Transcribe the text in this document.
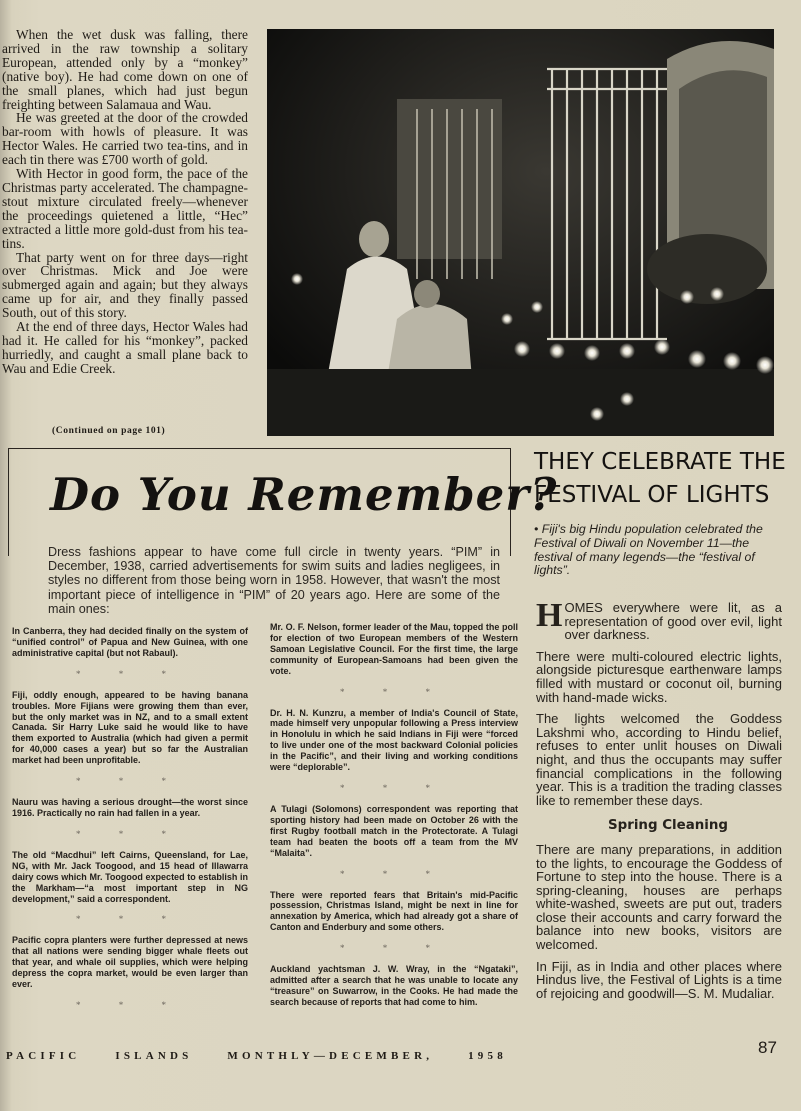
When the wet dusk was falling, there arrived in the raw township a solitary European, attended only by a “monkey” (native boy). He had come down on one of the small planes, which had just begun freighting between Salamaua and Wau.

He was greeted at the door of the crowded bar-room with howls of pleasure. It was Hector Wales. He carried two tea-tins, and in each tin there was £700 worth of gold.

With Hector in good form, the pace of the Christmas party accelerated. The champagne-stout mixture circulated freely—whenever the proceedings quietened a little, “Hec” extracted a little more gold-dust from his tea-tins.

That party went on for three days—right over Christmas. Mick and Joe were submerged again and again; but they always came up for air, and they finally passed South, out of this story.

At the end of three days, Hector Wales had had it. He called for his “monkey”, packed hurriedly, and caught a small plane back to Wau and Edie Creek.

(Continued on page 101)
Do You Remember?
Dress fashions appear to have come full circle in twenty years. “PIM” in December, 1938, carried advertisements for swim suits and ladies negligees, in styles no different from those being worn in 1958. However, that wasn't the most important piece of intelligence in “PIM” of 20 years ago. Here are some of the main ones:

In Canberra, they had decided finally on the system of “unified control” of Papua and New Guinea, with one administrative capital (but not Rabaul).

* * *

Fiji, oddly enough, appeared to be having banana troubles. More Fijians were growing them than ever, but the only market was in NZ, and to a small extent Canada. Sir Harry Luke said he would like to have them exported to Australia (which had given a permit for 40,000 cases a year) but so far the Australian market had been unprofitable.

* * *

Nauru was having a serious drought—the worst since 1916. Practically no rain had fallen in a year.

* * *

The old “Macdhui” left Cairns, Queensland, for Lae, NG, with Mr. Jack Toogood, and 15 head of Illawarra dairy cows which Mr. Toogood expected to establish in the Markham—“a most important step in NG development,” said a correspondent.

* * *

Pacific copra planters were further depressed at news that all nations were sending bigger whale fleets out that year, and whale oil supplies, which were helping depress the copra market, would be even larger than ever.

* * *

Mr. O. F. Nelson, former leader of the Mau, topped the poll for election of two European members of the Western Samoan Legislative Council. For the first time, the large community of European-Samoans had been given the vote.

* * *

Dr. H. N. Kunzru, a member of India's Council of State, made himself very unpopular following a Press interview in Honolulu in which he said Indians in Fiji were “forced to live under one of the most backward Colonial policies in the Pacific”, and their living and working conditions were “deplorable”.

* * *

A Tulagi (Solomons) correspondent was reporting that sporting history had been made on October 26 with the first Rugby football match in the Protectorate. A Tulagi team had beaten the boots off a team from the MV “Malaita”.

* * *

There were reported fears that Britain's mid-Pacific possession, Christmas Island, might be next in line for annexation by America, which had already got a share of Canton and Enderbury and some others.

* * *

Auckland yachtsman J. W. Wray, in the “Ngataki”, admitted after a search that he was unable to locate any “treasure” on Suwarrow, in the Cooks. He had made the search because of reports that had come to him.

THEY CELEBRATE THE
FESTIVAL OF LIGHTS
• Fiji's big Hindu population celebrated the Festival of Diwali on November 11—the festival of many legends—the “festival of lights”.

HOMES everywhere were lit, as a representation of good over evil, light over darkness.

There were multi-coloured electric lights, alongside picturesque earthenware lamps filled with mustard or coconut oil, burning with hand-made wicks.

The lights welcomed the Goddess Lakshmi who, according to Hindu belief, refuses to enter unlit houses on Diwali night, and thus the occupants may suffer financial complications in the following year. This is a tradition the trading classes like to remember these days.

Spring Cleaning

There are many preparations, in addition to the lights, to encourage the Goddess of Fortune to step into the house. There is a spring-cleaning, houses are perhaps white-washed, sweets are put out, traders close their accounts and carry forward the balance into new books, visitors are welcomed.

In Fiji, as in India and other places where Hindus live, the Festival of Lights is a time of rejoicing and goodwill—S. M. Mudaliar.

PACIFIC ISLANDS MONTHLY—DECEMBER, 1958	87
